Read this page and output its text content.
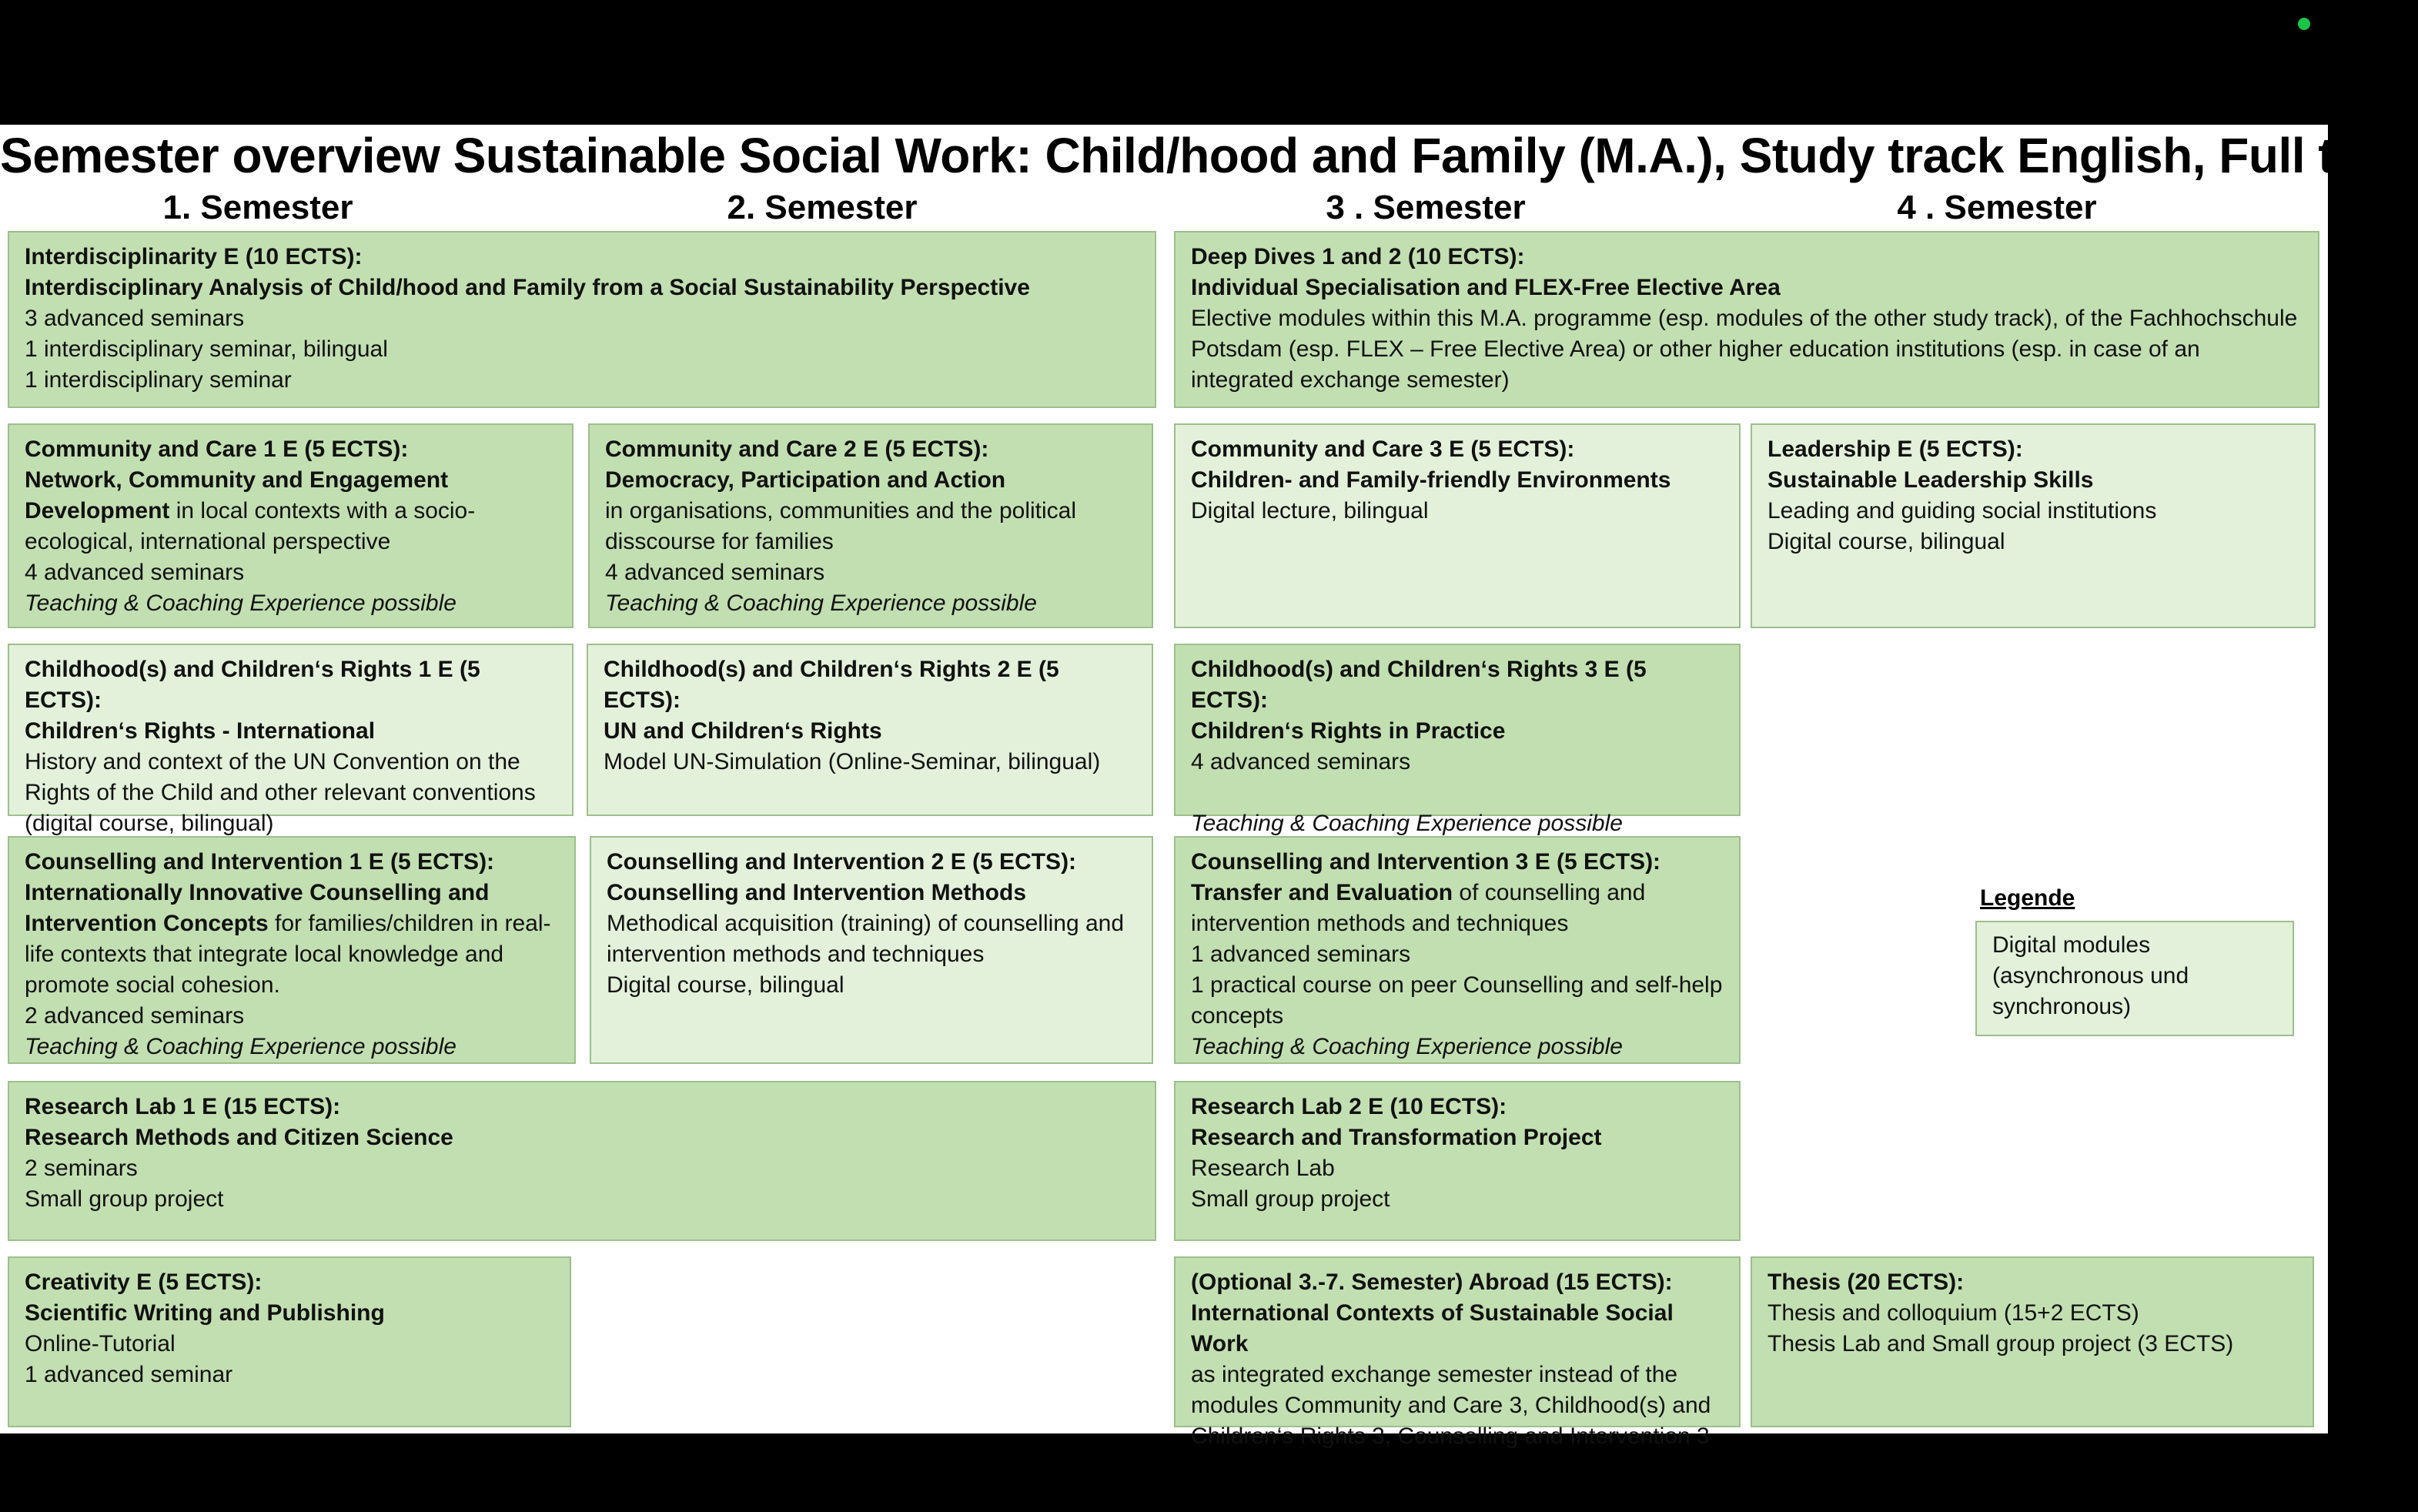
Semester overview Sustainable Social Work: Child/hood and Family (M.A.), Study track English, Full time
1. Semester	2. Semester	3 . Semester	4 . Semester
Interdisciplinarity E (10 ECTS):
Interdisciplinary Analysis of Child/hood and Family from a Social Sustainability Perspective
3 advanced seminars
1 interdisciplinary seminar, bilingual
1 interdisciplinary seminar
Deep Dives 1 and 2 (10 ECTS):
Individual Specialisation and FLEX-Free Elective Area
Elective modules within this M.A. programme (esp. modules of the other study track), of the Fachhochschule Potsdam (esp. FLEX – Free Elective Area) or other higher education institutions (esp. in case of an integrated exchange semester)
Community and Care 1 E (5 ECTS):
Network, Community and Engagement Development in local contexts with a socio-ecological, international perspective
4 advanced seminars
Teaching & Coaching Experience possible
Community and Care 2 E (5 ECTS):
Democracy, Participation and Action
in organisations, communities and the political disscourse for families
4 advanced seminars
Teaching & Coaching Experience possible
Community and Care 3 E (5 ECTS):
Children- and Family-friendly Environments
Digital lecture, bilingual
Leadership E (5 ECTS):
Sustainable Leadership Skills
Leading and guiding social institutions
Digital course, bilingual
Childhood(s) and Children‘s Rights 1 E (5 ECTS):
Children‘s Rights - International
History and context of the UN Convention on the Rights of the Child and other relevant conventions (digital course, bilingual)
Childhood(s) and Children‘s Rights 2 E (5 ECTS):
UN and Children‘s Rights
Model UN-Simulation (Online-Seminar, bilingual)
Childhood(s) and Children‘s Rights 3 E (5 ECTS):
Children‘s Rights in Practice
4 advanced seminars
Teaching & Coaching Experience possible
Counselling and Intervention 1 E (5 ECTS):
Internationally Innovative Counselling and Intervention Concepts for families/children in real-life contexts that integrate local knowledge and promote social cohesion.
2 advanced seminars
Teaching & Coaching Experience possible
Counselling and Intervention 2 E (5 ECTS):
Counselling and Intervention Methods
Methodical acquisition (training) of counselling and intervention methods and techniques
Digital course, bilingual
Counselling and Intervention 3 E (5 ECTS):
Transfer and Evaluation of counselling and intervention methods and techniques
1 advanced seminars
1 practical course on peer Counselling and self-help concepts
Teaching & Coaching Experience possible
Legende
Digital modules (asynchronous und synchronous)
Research Lab 1 E (15 ECTS):
Research Methods and Citizen Science
2 seminars
Small group project
Research Lab 2 E (10 ECTS):
Research and Transformation Project
Research Lab
Small group project
Creativity E (5 ECTS):
Scientific Writing and Publishing
Online-Tutorial
1 advanced seminar
(Optional 3.-7. Semester) Abroad (15 ECTS):
International Contexts of Sustainable Social Work
as integrated exchange semester instead of the modules Community and Care 3, Childhood(s) and Children‘s Rights 3, Counselling and Intervention 3
Thesis (20 ECTS):
Thesis and colloquium (15+2 ECTS)
Thesis Lab and Small group project (3 ECTS)
